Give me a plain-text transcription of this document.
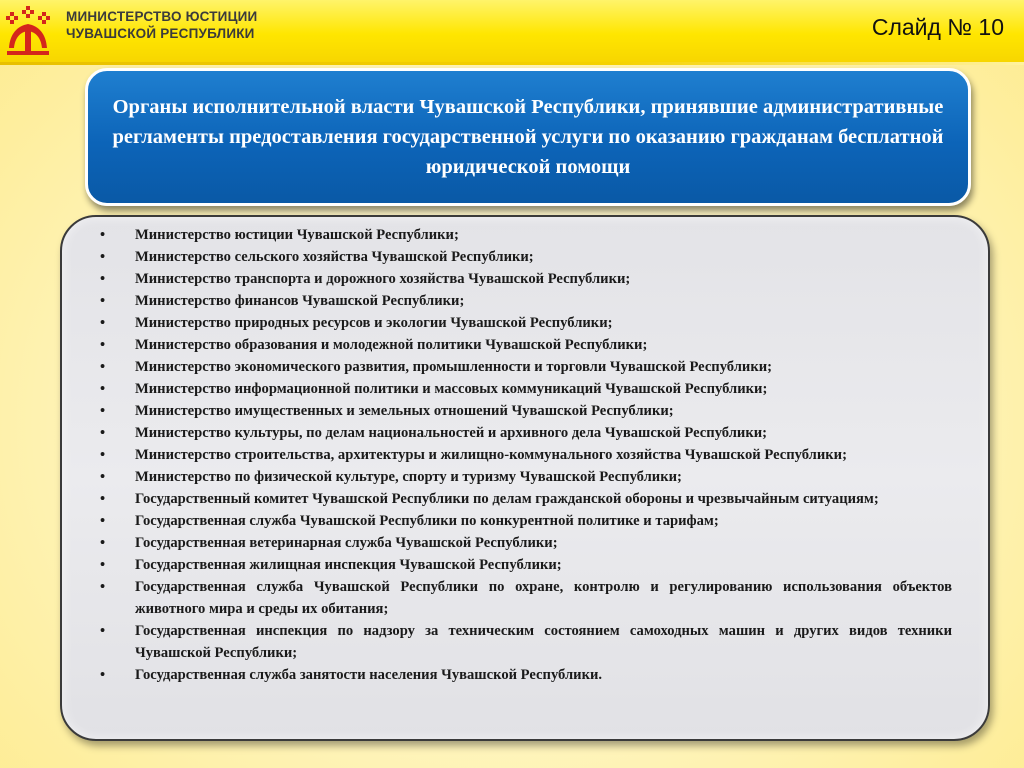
МИНИСТЕРСТВО ЮСТИЦИИ
ЧУВАШСКОЙ РЕСПУБЛИКИ	Слайд № 10
Органы исполнительной власти Чувашской Республики, принявшие административные регламенты предоставления государственной услуги по оказанию гражданам бесплатной юридической помощи
•	Министерство юстиции Чувашской Республики;
•	Министерство сельского хозяйства Чувашской Республики;
•	Министерство транспорта и дорожного хозяйства Чувашской Республики;
•	Министерство финансов Чувашской Республики;
•	Министерство природных ресурсов и экологии Чувашской Республики;
•	Министерство образования и молодежной политики Чувашской Республики;
•	Министерство экономического развития, промышленности и торговли Чувашской Республики;
•	Министерство информационной политики и массовых коммуникаций Чувашской Республики;
•	Министерство имущественных и земельных отношений Чувашской Республики;
•	Министерство культуры, по делам национальностей и архивного дела Чувашской Республики;
•	Министерство строительства, архитектуры и жилищно-коммунального хозяйства Чувашской Республики;
•	Министерство по физической культуре, спорту и туризму Чувашской Республики;
•	Государственный комитет Чувашской Республики по делам гражданской обороны и чрезвычайным ситуациям;
•	Государственная служба Чувашской Республики по конкурентной политике и тарифам;
•	Государственная ветеринарная служба Чувашской Республики;
•	Государственная жилищная инспекция Чувашской Республики;
•	Государственная служба Чувашской Республики по охране, контролю и регулированию использования объектов животного мира и среды их обитания;
•	Государственная инспекция по надзору за техническим состоянием самоходных машин и других видов техники Чувашской Республики;
•	Государственная служба занятости населения Чувашской Республики.
